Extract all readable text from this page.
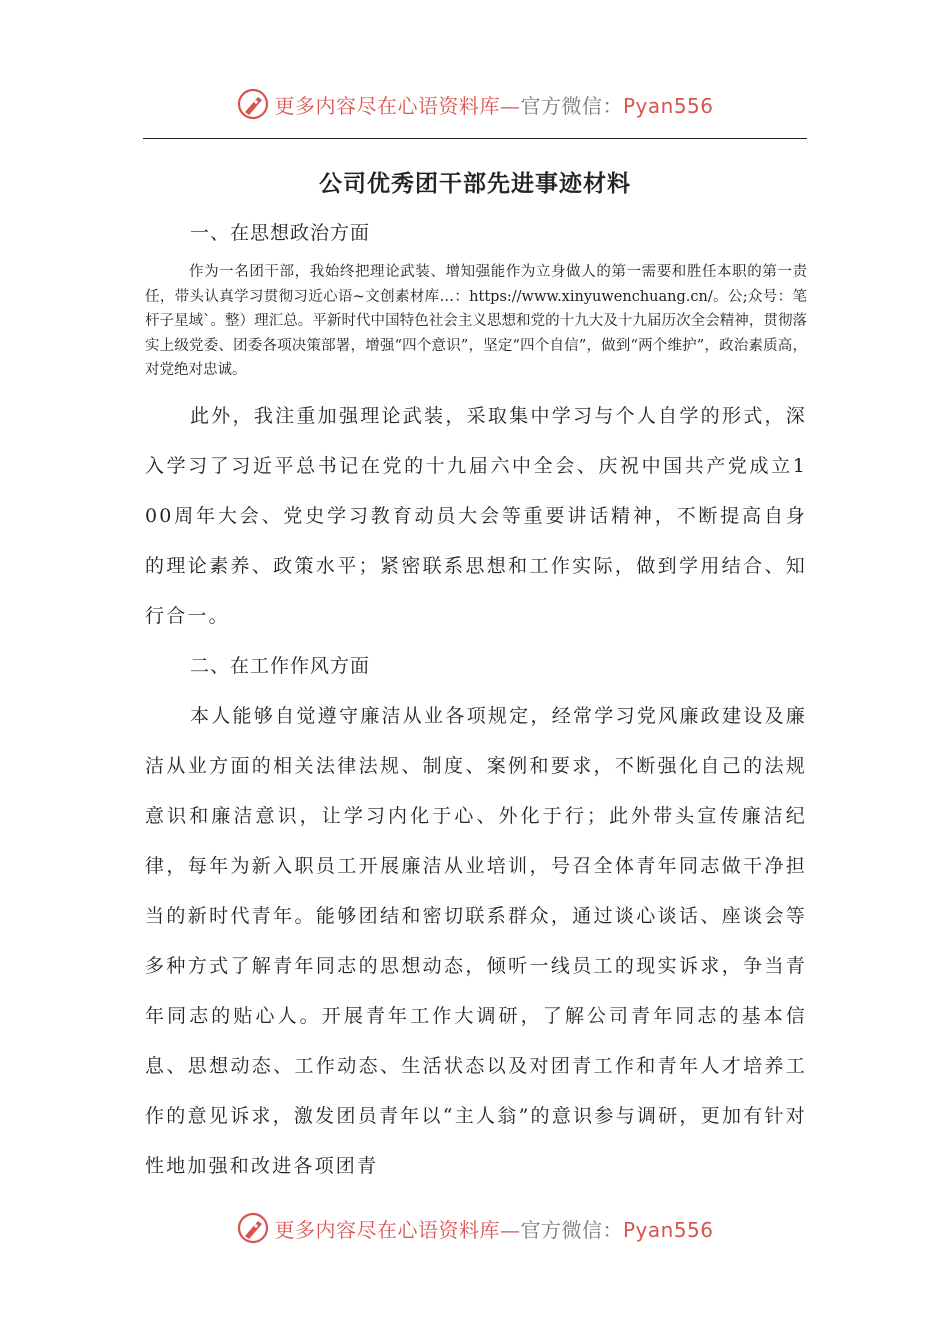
更多内容尽在心语资料库—官方微信：Pyan556
公司优秀团干部先进事迹材料
一、在思想政治方面

作为一名团干部，我始终把理论武装、增知强能作为立身做人的第一需要和胜任本职的第一责任，带头认真学习贯彻习近心语~文创素材库…：https://www.xinyuwenchuang.cn/。公;众号：笔杆子星域`。整）理汇总。平新时代中国特色社会主义思想和党的十九大及十九届历次全会精神，贯彻落实上级党委、团委各项决策部署，增强“四个意识”，坚定“四个自信”，做到“两个维护”，政治素质高，对党绝对忠诚。

此外，我注重加强理论武装，采取集中学习与个人自学的形式，深入学习了习近平总书记在党的十九届六中全会、庆祝中国共产党成立100周年大会、党史学习教育动员大会等重要讲话精神，不断提高自身的理论素养、政策水平；紧密联系思想和工作实际，做到学用结合、知行合一。

二、在工作作风方面

本人能够自觉遵守廉洁从业各项规定，经常学习党风廉政建设及廉洁从业方面的相关法律法规、制度、案例和要求，不断强化自己的法规意识和廉洁意识，让学习内化于心、外化于行；此外带头宣传廉洁纪律，每年为新入职员工开展廉洁从业培训，号召全体青年同志做干净担当的新时代青年。能够团结和密切联系群众，通过谈心谈话、座谈会等多种方式了解青年同志的思想动态，倾听一线员工的现实诉求，争当青年同志的贴心人。开展青年工作大调研，了解公司青年同志的基本信息、思想动态、工作动态、生活状态以及对团青工作和青年人才培养工作的意见诉求，激发团员青年以“主人翁”的意识参与调研，更加有针对性地加强和改进各项团青

更多内容尽在心语资料库—官方微信：Pyan556
